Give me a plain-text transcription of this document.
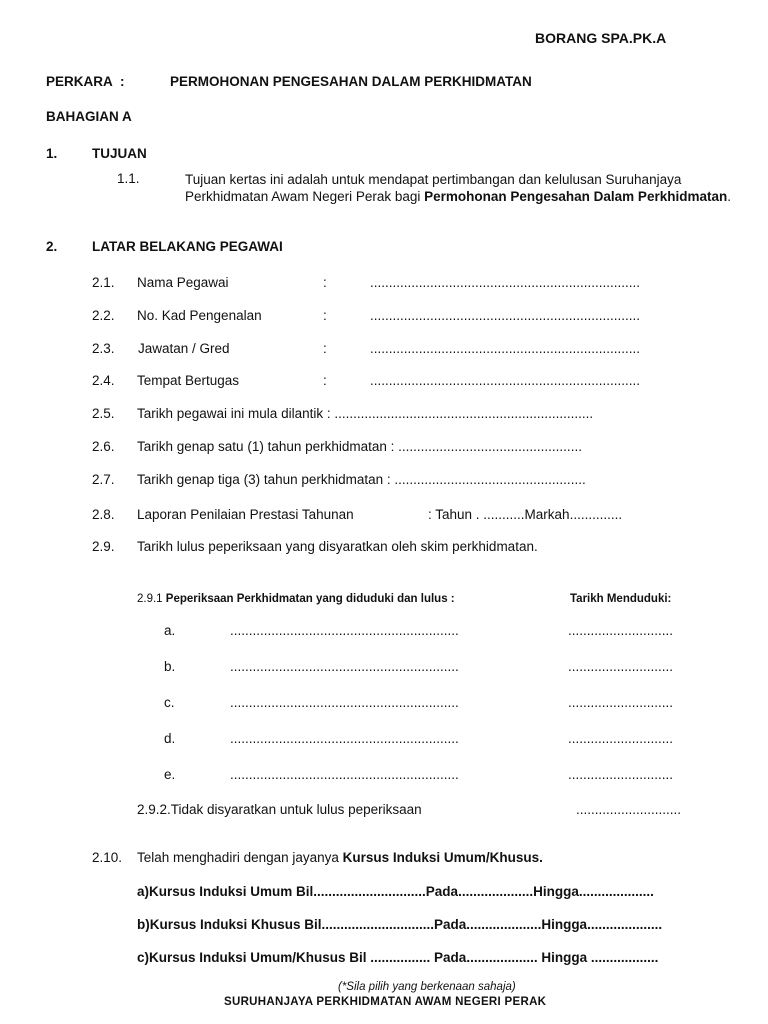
BORANG SPA.PK.A
PERKARA :	PERMOHONAN PENGESAHAN DALAM PERKHIDMATAN
BAHAGIAN A
1.	TUJUAN
1.1.	Tujuan kertas ini adalah untuk mendapat pertimbangan dan kelulusan Suruhanjaya Perkhidmatan Awam Negeri Perak bagi Permohonan Pengesahan Dalam Perkhidmatan.
2.	LATAR BELAKANG PEGAWAI
2.1. Nama Pegawai	:	........................................................................
2.2. No. Kad Pengenalan	:	........................................................................
2.3. Jawatan / Gred	:	........................................................................
2.4. Tempat Bertugas	:	........................................................................
2.5. Tarikh pegawai ini mula dilantik : .....................................................................
2.6. Tarikh genap satu (1) tahun perkhidmatan : .................................................
2.7. Tarikh genap tiga (3) tahun perkhidmatan : ...................................................
2.8. Laporan Penilaian Prestasi Tahunan	: Tahun . ...........Markah..............
2.9. Tarikh lulus peperiksaan yang disyaratkan oleh skim perkhidmatan.
2.9.1 Peperiksaan Perkhidmatan yang diduduki dan lulus :	Tarikh Menduduki:
a.	.............................................................	............................
b.	.............................................................	............................
c.	.............................................................	............................
d.	.............................................................	............................
e.	.............................................................	............................
2.9.2.Tidak disyaratkan untuk lulus peperiksaan	............................
2.10. Telah menghadiri dengan jayanya Kursus Induksi Umum/Khusus.
a)Kursus Induksi Umum Bil..............................Pada....................Hingga....................
b)Kursus Induksi Khusus Bil..............................Pada....................Hingga....................
c)Kursus Induksi Umum/Khusus Bil ................ Pada................... Hingga ..................
(*Sila pilih yang berkenaan sahaja)
SURUHANJAYA PERKHIDMATAN AWAM NEGERI PERAK
